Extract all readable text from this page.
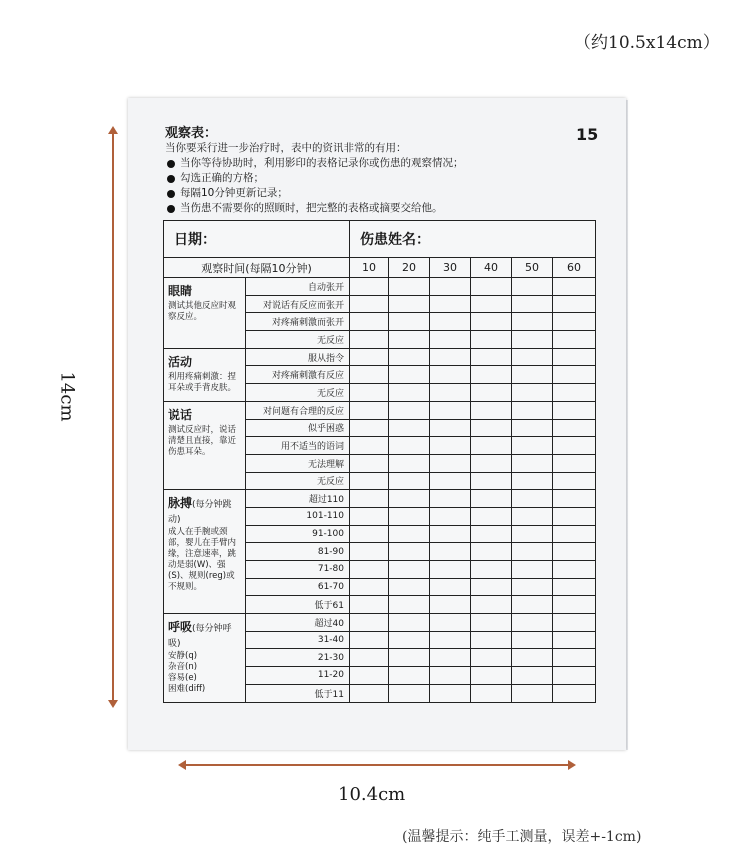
（约10.5x14cm）
14cm
10.4cm
(温馨提示：纯手工测量，误差+-1cm)
15
观察表：
当你要采行进一步治疗时，表中的资讯非常的有用：
当你等待协助时，利用影印的表格记录你或伤患的观察情况；
勾选正确的方格；
每隔10分钟更新记录；
当伤患不需要你的照顾时，把完整的表格或摘要交给他。
日期：		伤患姓名：					
观察时间(每隔10分钟)		10	20	30	40	50	60

眼睛
测试其他反应时观察反应。	自动张开						
	对说话有反应而张开						
	对疼痛刺激而张开						
	无反应						

活动
利用疼痛刺激：捏耳朵或手背皮肤。	服从指令						
	对疼痛刺激有反应						
	无反应						

说话
测试反应时，说话清楚且直接，靠近伤患耳朵。	对问题有合理的反应						
	似乎困惑						
	用不适当的语词						
	无法理解						
	无反应						

脉搏(每分钟跳动)
成人在手腕或颈部，婴儿在手臂内缘，注意速率，跳动是弱(W)、强(S)、规则(reg)或不规则。	超过110						
	101-110						
	91-100						
	81-90						
	71-80						
	61-70						
	低于61						

呼吸(每分钟呼吸)
安静(q)
杂音(n)
容易(e)
困难(diff)	超过40						
	31-40						
	21-30						
	11-20						
	低于11						
